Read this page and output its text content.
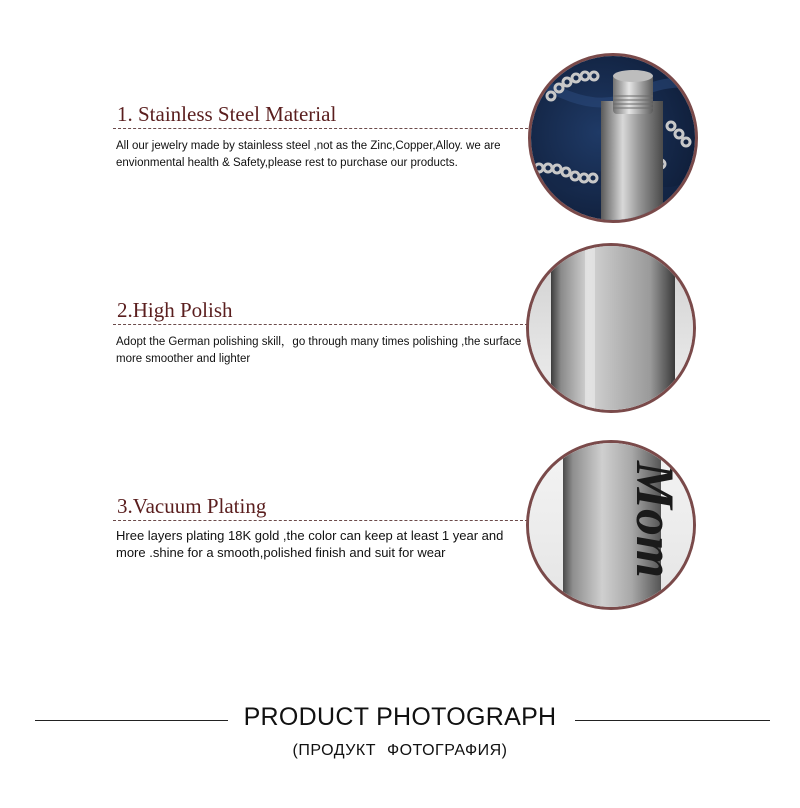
1. Stainless Steel Material
All our jewelry made by stainless steel ,not as the Zinc,Copper,Alloy. we are envionmental health & Safety,please rest to purchase our products.
2.High Polish
Adopt the German polishing skill，go through many times polishing ,the surface more smoother and lighter
3.Vacuum Plating
Hree layers plating 18K gold ,the color can keep at least 1 year and more .shine for a smooth,polished finish and suit for wear	Mom
PRODUCT PHOTOGRAPH
(ПРОДУКТ ФОТОГРАФИЯ)
